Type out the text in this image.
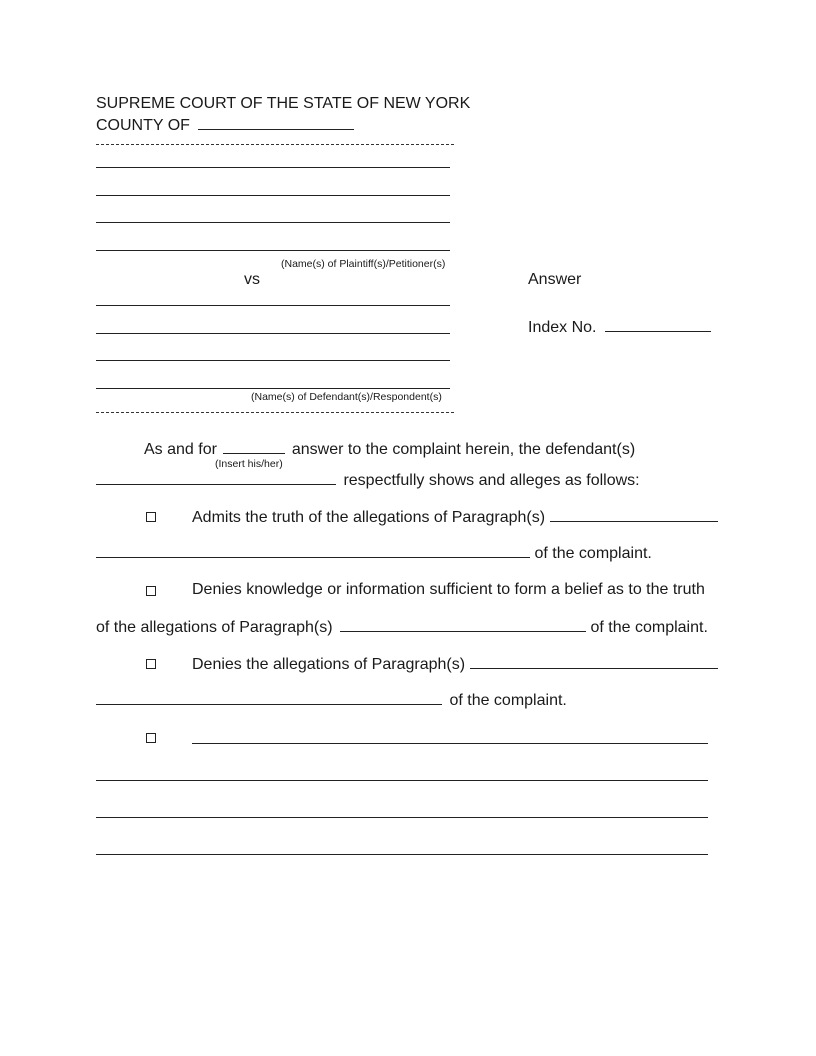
SUPREME COURT OF THE STATE OF NEW YORK
COUNTY OF
(Name(s) of Plaintiff(s)/Petitioner(s)
vs	Answer
(Name(s) of Defendant(s)/Respondent(s)
Index No.
As and for	answer to the complaint herein, the defendant(s)
(Insert his/her)
respectfully shows and alleges as follows:
Admits the truth of the allegations of Paragraph(s)
of the complaint.
Denies knowledge or information sufficient to form a belief as to the truth
of the allegations of Paragraph(s)	of the complaint.
Denies the allegations of Paragraph(s)
of the complaint.
